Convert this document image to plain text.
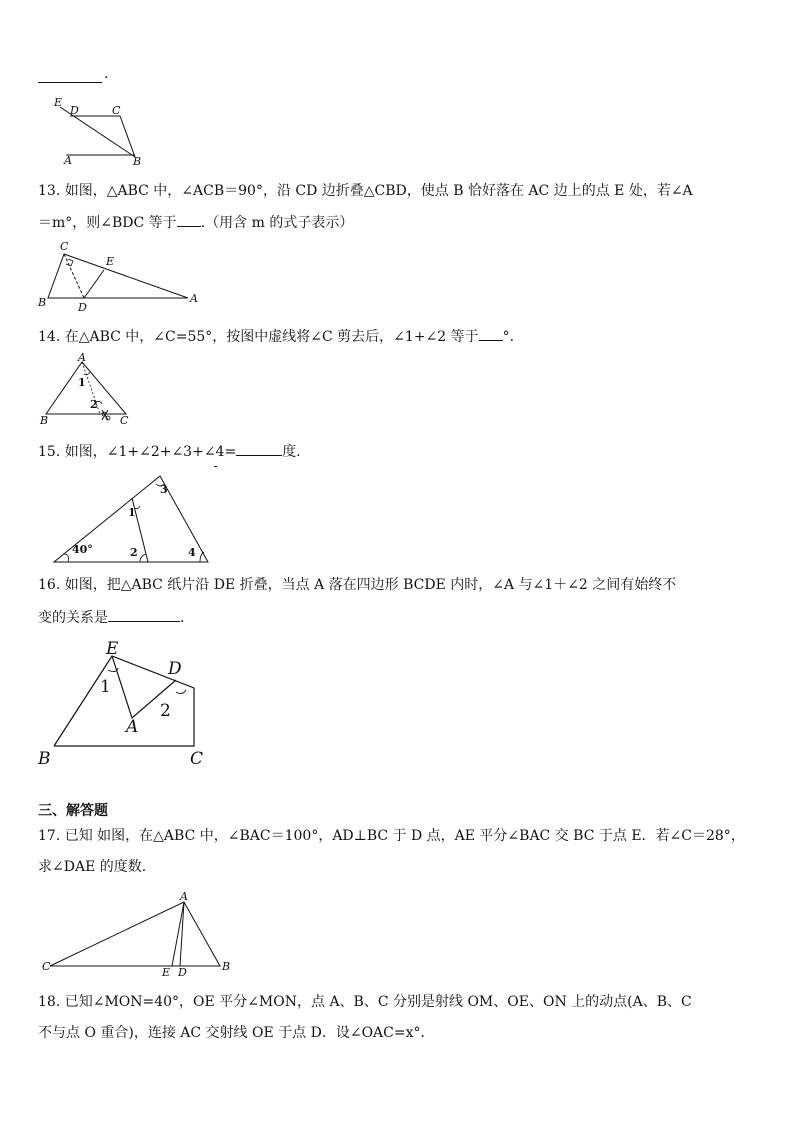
.
E
D	C
A	B
13. 如图，△ABC 中，∠ACB＝90°，沿 CD 边折叠△CBD，使点 B 恰好落在 AC 边上的点 E 处，若∠A
＝m°，则∠BDC 等于 .（用含 m 的式子表示）
C
E
B	D
A
14. 在△ABC 中，∠C=55°，按图中虚线将∠C 剪去后，∠1+∠2 等于 °.
A
B	C
1
2
15. 如图，∠1+∠2+∠3+∠4=	度.
40°
1
2
3
4
16. 如图，把△ABC 纸片沿 DE 折叠，当点 A 落在四边形 BCDE 内时，∠A 与∠1＋∠2 之间有始终不
变的关系是	.
E
D
1
2
A
B	C
三、解答题
17. 已知 如图，在△ABC 中，∠BAC＝100°，AD⊥BC 于 D 点，AE 平分∠BAC 交 BC 于点 E．若∠C＝28°，
求∠DAE 的度数.
A
C	E D	B
18. 已知∠MON=40°，OE 平分∠MON，点 A、B、C 分别是射线 OM、OE、ON 上的动点(A、B、C
不与点 O 重合)，连接 AC 交射线 OE 于点 D．设∠OAC=x°．
